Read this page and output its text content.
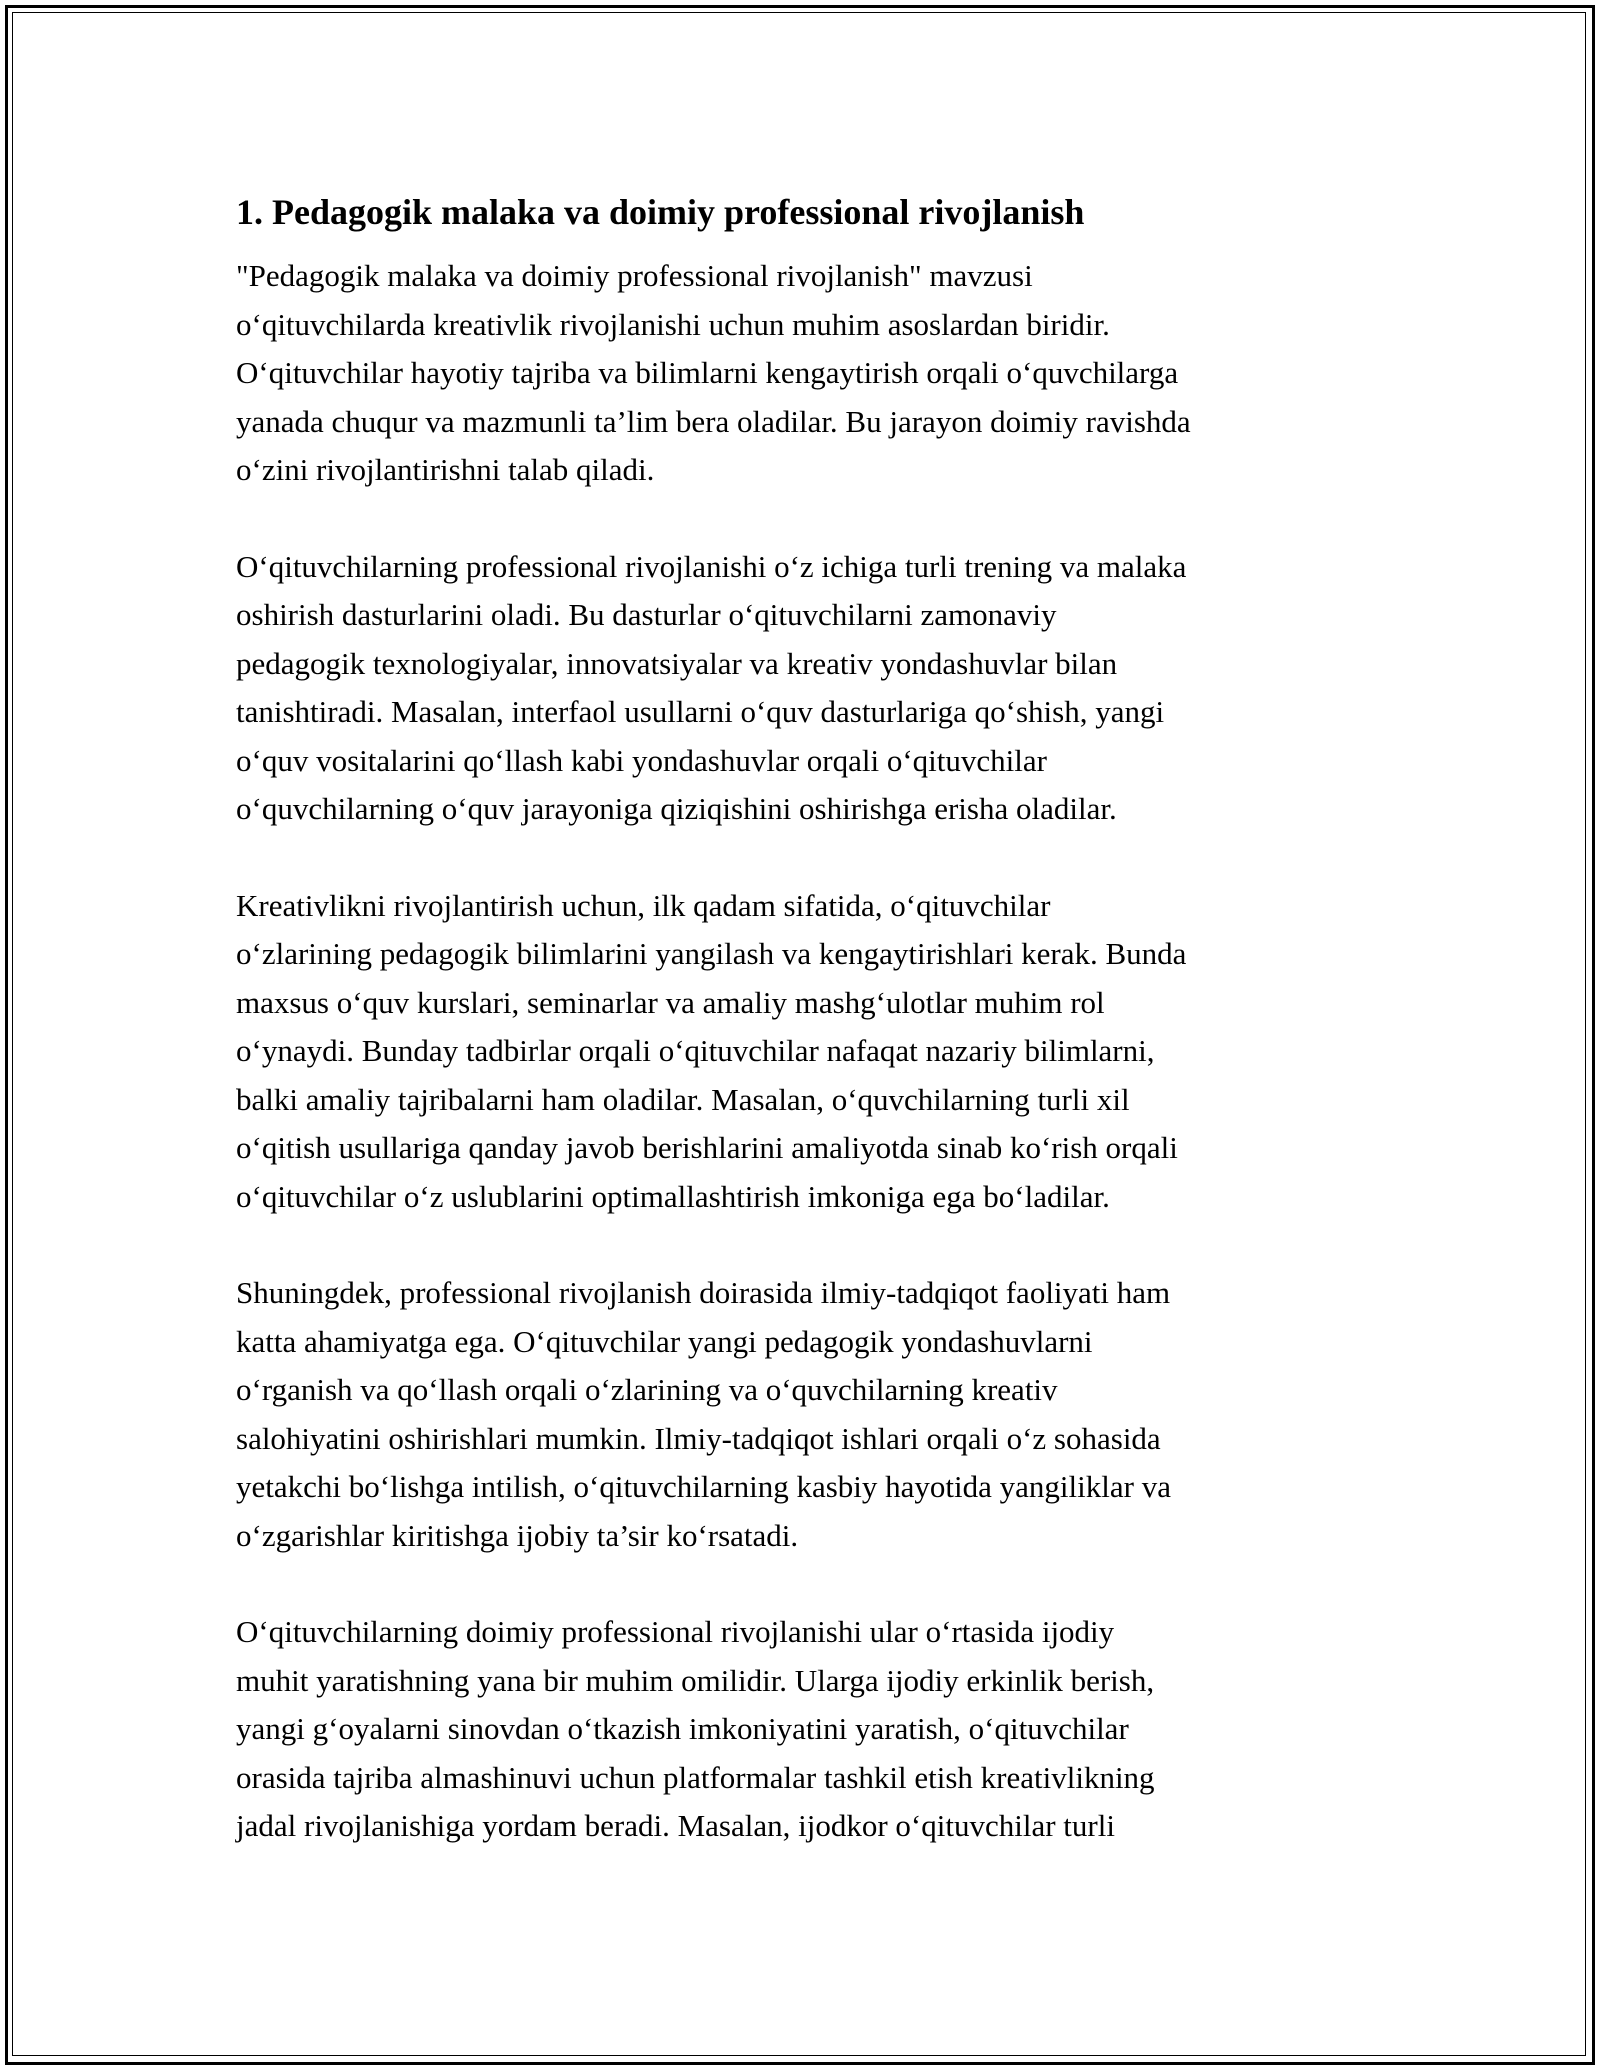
1. Pedagogik malaka va doimiy professional rivojlanish
"Pedagogik malaka va doimiy professional rivojlanish" mavzusi
oʻqituvchilarda kreativlik rivojlanishi uchun muhim asoslardan biridir.
Oʻqituvchilar hayotiy tajriba va bilimlarni kengaytirish orqali oʻquvchilarga
yanada chuqur va mazmunli ta’lim bera oladilar. Bu jarayon doimiy ravishda
oʻzini rivojlantirishni talab qiladi.
Oʻqituvchilarning professional rivojlanishi oʻz ichiga turli trening va malaka
oshirish dasturlarini oladi. Bu dasturlar oʻqituvchilarni zamonaviy
pedagogik texnologiyalar, innovatsiyalar va kreativ yondashuvlar bilan
tanishtiradi. Masalan, interfaol usullarni oʻquv dasturlariga qoʻshish, yangi
oʻquv vositalarini qoʻllash kabi yondashuvlar orqali oʻqituvchilar
oʻquvchilarning oʻquv jarayoniga qiziqishini oshirishga erisha oladilar.
Kreativlikni rivojlantirish uchun, ilk qadam sifatida, oʻqituvchilar
oʻzlarining pedagogik bilimlarini yangilash va kengaytirishlari kerak. Bunda
maxsus oʻquv kurslari, seminarlar va amaliy mashgʻulotlar muhim rol
oʻynaydi. Bunday tadbirlar orqali oʻqituvchilar nafaqat nazariy bilimlarni,
balki amaliy tajribalarni ham oladilar. Masalan, oʻquvchilarning turli xil
oʻqitish usullariga qanday javob berishlarini amaliyotda sinab koʻrish orqali
oʻqituvchilar oʻz uslublarini optimallashtirish imkoniga ega boʻladilar.
Shuningdek, professional rivojlanish doirasida ilmiy-tadqiqot faoliyati ham
katta ahamiyatga ega. Oʻqituvchilar yangi pedagogik yondashuvlarni
oʻrganish va qoʻllash orqali oʻzlarining va oʻquvchilarning kreativ
salohiyatini oshirishlari mumkin. Ilmiy-tadqiqot ishlari orqali oʻz sohasida
yetakchi boʻlishga intilish, oʻqituvchilarning kasbiy hayotida yangiliklar va
oʻzgarishlar kiritishga ijobiy ta’sir koʻrsatadi.
Oʻqituvchilarning doimiy professional rivojlanishi ular oʻrtasida ijodiy
muhit yaratishning yana bir muhim omilidir. Ularga ijodiy erkinlik berish,
yangi gʻoyalarni sinovdan oʻtkazish imkoniyatini yaratish, oʻqituvchilar
orasida tajriba almashinuvi uchun platformalar tashkil etish kreativlikning
jadal rivojlanishiga yordam beradi. Masalan, ijodkor oʻqituvchilar turli
